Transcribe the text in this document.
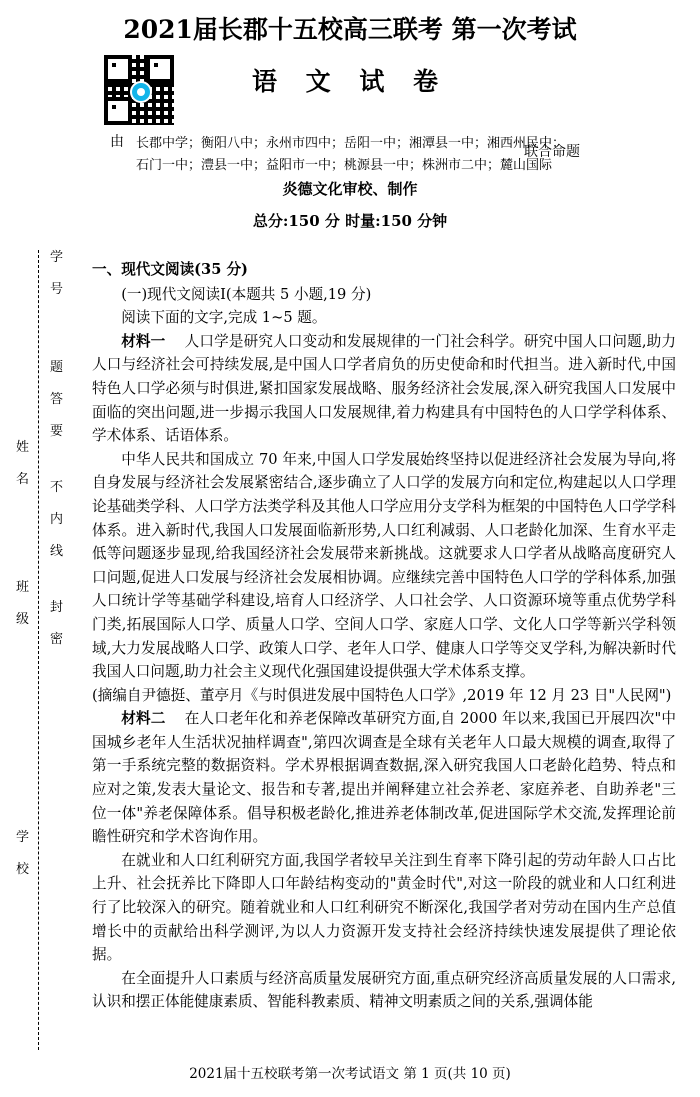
2021届长郡十五校高三联考 第一次考试
语 文 试 卷
由 长郡中学；衡阳八中；永州市四中；岳阳一中；湘潭县一中；湘西州民中；
石门一中；澧县一中；益阳市一中；桃源县一中；株洲市二中；麓山国际
联合命题
炎德文化审校、制作
总分:150 分 时量:150 分钟
学

号
题

答

要
不

内

线
封

密
姓

名
班

级
学

校

一、现代文阅读(35 分)

(一)现代文阅读Ⅰ(本题共 5 小题,19 分)

阅读下面的文字,完成 1~5 题。

材料一 人口学是研究人口变动和发展规律的一门社会科学。研究中国人口问题,助力人口与经济社会可持续发展,是中国人口学者肩负的历史使命和时代担当。进入新时代,中国特色人口学必须与时俱进,紧扣国家发展战略、服务经济社会发展,深入研究我国人口发展中面临的突出问题,进一步揭示我国人口发展规律,着力构建具有中国特色的人口学学科体系、学术体系、话语体系。

中华人民共和国成立 70 年来,中国人口学发展始终坚持以促进经济社会发展为导向,将自身发展与经济社会发展紧密结合,逐步确立了人口学的发展方向和定位,构建起以人口学理论基础类学科、人口学方法类学科及其他人口学应用分支学科为框架的中国特色人口学学科体系。进入新时代,我国人口发展面临新形势,人口红利减弱、人口老龄化加深、生育水平走低等问题逐步显现,给我国经济社会发展带来新挑战。这就要求人口学者从战略高度研究人口问题,促进人口发展与经济社会发展相协调。应继续完善中国特色人口学的学科体系,加强人口统计学等基础学科建设,培育人口经济学、人口社会学、人口资源环境等重点优势学科门类,拓展国际人口学、质量人口学、空间人口学、家庭人口学、文化人口学等新兴学科领域,大力发展战略人口学、政策人口学、老年人口学、健康人口学等交叉学科,为解决新时代我国人口问题,助力社会主义现代化强国建设提供强大学术体系支撑。

(摘编自尹德挺、董亭月《与时俱进发展中国特色人口学》,2019 年 12 月 23 日"人民网")

材料二 在人口老年化和养老保障改革研究方面,自 2000 年以来,我国已开展四次"中国城乡老年人生活状况抽样调查",第四次调查是全球有关老年人口最大规模的调查,取得了第一手系统完整的数据资料。学术界根据调查数据,深入研究我国人口老龄化趋势、特点和应对之策,发表大量论文、报告和专著,提出并阐释建立社会养老、家庭养老、自助养老"三位一体"养老保障体系。倡导积极老龄化,推进养老体制改革,促进国际学术交流,发挥理论前瞻性研究和学术咨询作用。

在就业和人口红利研究方面,我国学者较早关注到生育率下降引起的劳动年龄人口占比上升、社会抚养比下降即人口年龄结构变动的"黄金时代",对这一阶段的就业和人口红利进行了比较深入的研究。随着就业和人口红利研究不断深化,我国学者对劳动在国内生产总值增长中的贡献给出科学测评,为以人力资源开发支持社会经济持续快速发展提供了理论依据。

在全面提升人口素质与经济高质量发展研究方面,重点研究经济高质量发展的人口需求,认识和摆正体能健康素质、智能科教素质、精神文明素质之间的关系,强调体能

2021届十五校联考第一次考试语文 第 1 页(共 10 页)
